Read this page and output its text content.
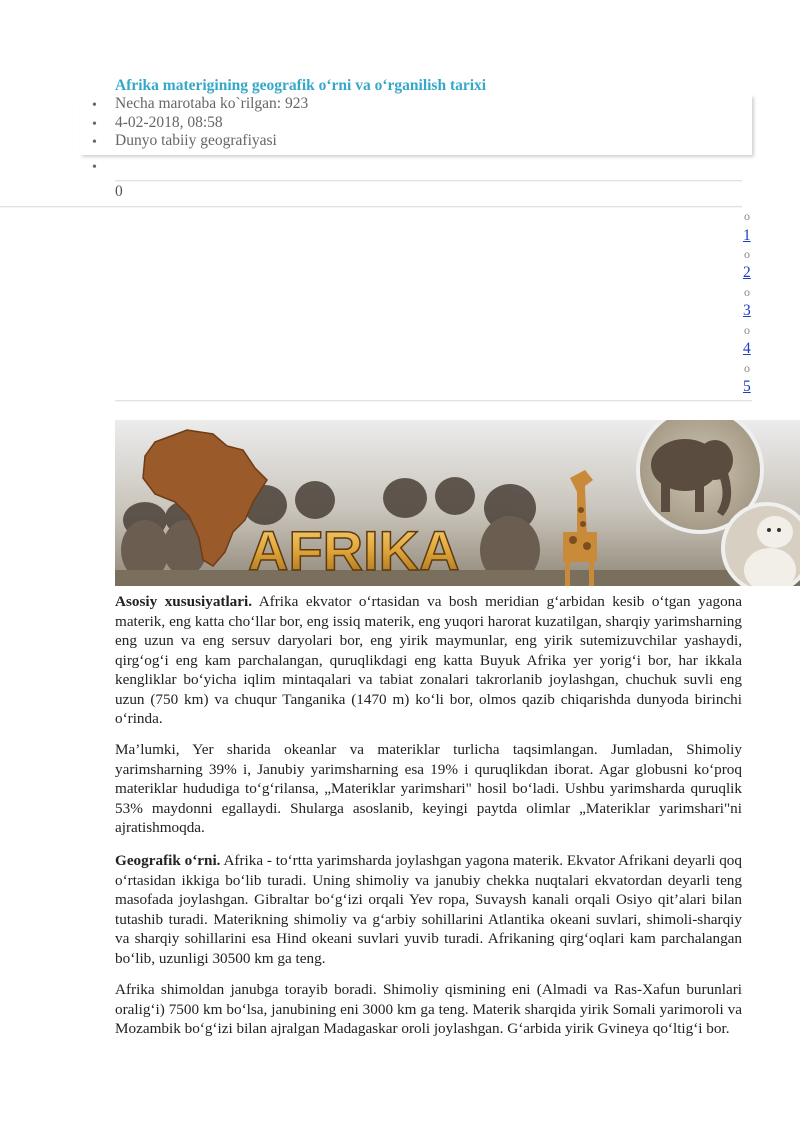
Afrika materigining geografik o‘rni va o‘rganilish tarixi
• Necha marotaba ko`rilgan: 923
• 4-02-2018, 08:58
• Dunyo tabiiy geografiyasi
•
0
o
1
o
2
o
3
o
4
o
5
AFRIKA

Asosiy xususiyatlari. Afrika ekvator o‘rtasidan va bosh meridian g‘arbidan kesib o‘tgan yagona materik, eng katta cho‘llar bor, eng issiq materik, eng yuqori harorat kuzatilgan, sharqiy yarimsharning eng uzun va eng sersuv daryolari bor, eng yirik maymunlar, eng yirik sutemizuvchilar yashaydi, qirg‘og‘i eng kam parchalangan, quruqlikdagi eng katta Buyuk Afrika yer yorig‘i bor, har ikkala kengliklar bo‘yicha iqlim mintaqalari va tabiat zonalari takrorlanib joylashgan, chuchuk suvli eng uzun (750 km) va chuqur Tanganika (1470 m) ko‘li bor, olmos qazib chiqarishda dunyoda birinchi o‘rinda.

Ma’lumki, Yer sharida okeanlar va materiklar turlicha taqsimlangan. Jumladan, Shimoliy yarimsharning 39% i, Janubiy yarimsharning esa 19% i quruqlikdan iborat. Agar globusni ko‘proq materiklar hududiga to‘g‘rilansa, „Materiklar yarimshari" hosil bo‘ladi. Ushbu yarimsharda quruqlik 53% maydonni egallaydi. Shularga asoslanib, keyingi paytda olimlar „Materiklar yarimshari"ni ajratishmoqda.

Geografik o‘rni. Afrika - to‘rtta yarimsharda joylashgan yagona materik. Ekvator Afrikani deyarli qoq o‘rtasidan ikkiga bo‘lib turadi. Uning shimoliy va janubiy chekka nuqtalari ekvatordan deyarli teng masofada joylashgan. Gibraltar bo‘g‘izi orqali Yev ropa, Suvaysh kanali orqali Osiyo qit’alari bilan tutashib turadi. Materikning shimoliy va g‘arbiy sohillarini Atlantika okeani suvlari, shimoli-sharqiy va sharqiy sohillarini esa Hind okeani suvlari yuvib turadi. Afrikaning qirg‘oqlari kam parchalangan bo‘lib, uzunligi 30500 km ga teng.

Afrika shimoldan janubga torayib boradi. Shimoliy qismining eni (Almadi va Ras-Xafun burunlari oralig‘i) 7500 km bo‘lsa, janubining eni 3000 km ga teng. Materik sharqida yirik Somali yarimoroli va Mozambik bo‘g‘izi bilan ajralgan Madagaskar oroli joylashgan. G‘arbida yirik Gvineya qo‘ltig‘i bor.
